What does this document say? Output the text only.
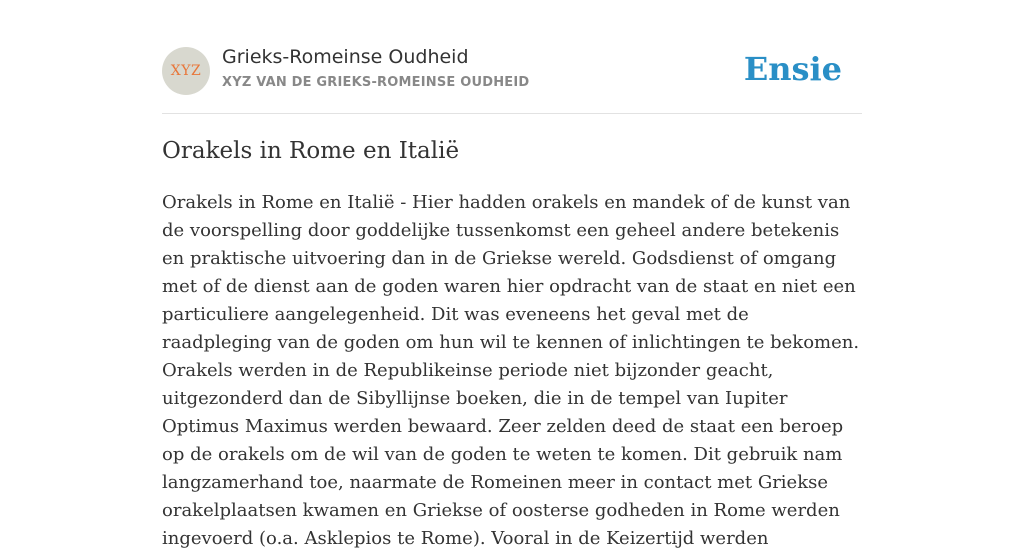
XYZ
Grieks-Romeinse Oudheid
XYZ VAN DE GRIEKS-ROMEINSE OUDHEID	Ensie
Orakels in Rome en Italië

Orakels in Rome en Italië - Hier hadden orakels en mandek of de kunst van de voorspelling door goddelijke tussenkomst een geheel andere betekenis en praktische uitvoering dan in de Griekse wereld. Godsdienst of omgang met of de dienst aan de goden waren hier opdracht van de staat en niet een particuliere aangelegenheid. Dit was eveneens het geval met de raadpleging van de goden om hun wil te kennen of inlichtingen te bekomen. Orakels werden in de Republikeinse periode niet bijzonder geacht, uitgezonderd dan de Sibyllijnse boeken, die in de tempel van Iupiter Optimus Maximus werden bewaard. Zeer zelden deed de staat een beroep op de orakels om de wil van de goden te weten te komen. Dit gebruik nam langzamerhand toe, naarmate de Romeinen meer in contact met Griekse orakelplaatsen kwamen en Griekse of oosterse godheden in Rome werden ingevoerd (o.a. Asklepios te Rome). Vooral in de Keizertijd werden
